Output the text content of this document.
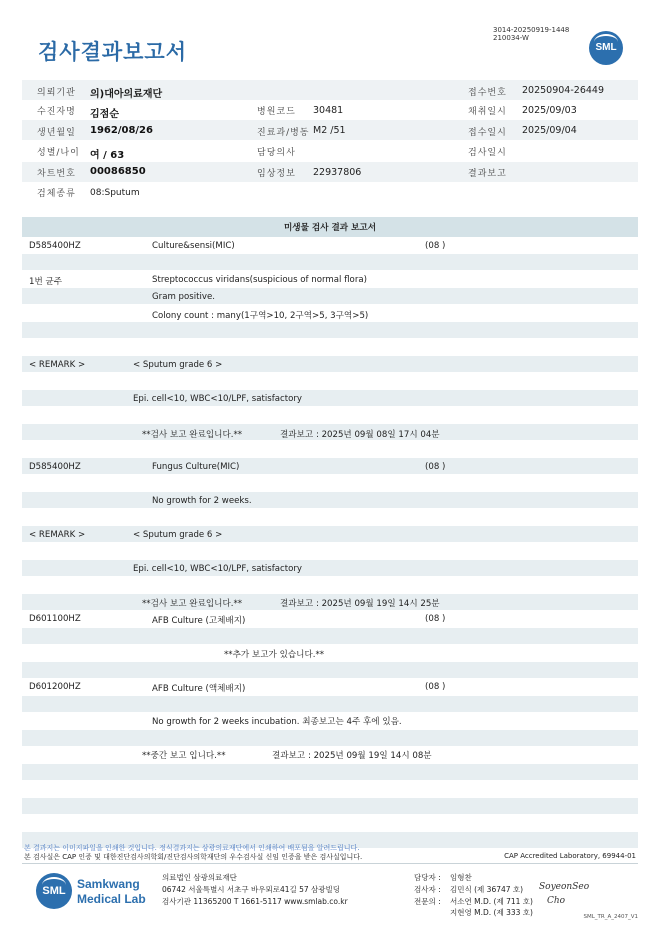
3014-20250919-1448
210034-W
검사결과보고서	SML
의뢰기관 의)대아의료재단	접수번호 20250904-26449
수진자명 김점순	병원코드 30481	채취일시 2025/09/03
생년월일 1962/08/26	진료과/병동 M2 /51	접수일시 2025/09/04
성별/나이 여 / 63	담당의사	검사일시
차트번호 00086850	임상정보 22937806	결과보고
검체종류 08:Sputum
미생물 검사 결과 보고서
D585400HZ	Culture&sensi(MIC)	(08 )
1번 균주	Streptococcus viridans(suspicious of normal flora)
Gram positive.
Colony count : many(1구역>10, 2구역>5, 3구역>5)
< REMARK >	< Sputum grade 6 >
Epi. cell<10, WBC<10/LPF, satisfactory
**검사 보고 완료입니다.**	결과보고 : 2025년 09월 08일 17시 04분
D585400HZ	Fungus Culture(MIC)	(08 )
No growth for 2 weeks.
< REMARK >	< Sputum grade 6 >
Epi. cell<10, WBC<10/LPF, satisfactory
**검사 보고 완료입니다.**	결과보고 : 2025년 09월 19일 14시 25분
D601100HZ	AFB Culture (고체배지)	(08 )
**추가 보고가 있습니다.**
D601200HZ	AFB Culture (액체배지)	(08 )
No growth for 2 weeks incubation. 최종보고는 4주 후에 있음.
**중간 보고 입니다.**	결과보고 : 2025년 09월 19일 14시 08분
본 결과지는 이미지파일을 인쇄한 것입니다. 정식결과지는 삼광의료재단에서 인쇄하여 배포됨을 알려드립니다.
본 검사실은 CAP 인증 및 대한진단검사의학회/진단검사의학재단의 우수검사실 신임 인증을 받은 검사실입니다.	CAP Accredited Laboratory, 69944-01
SML Samkwang
Medical Lab
의료법인 삼광의료재단
06742 서울특별시 서초구 바우뫼로41길 57 삼광빌딩
검사기관 11365200 T 1661-5117 www.smlab.co.kr
담당자 : 임형찬
검사자 : 김민식 (제 36747 호)
전문의 : 서소연 M.D. (제 711 호)
지현영 M.D. (제 333 호)
SoyeonSeo
Cho
SML_TR_A_2407_V1
